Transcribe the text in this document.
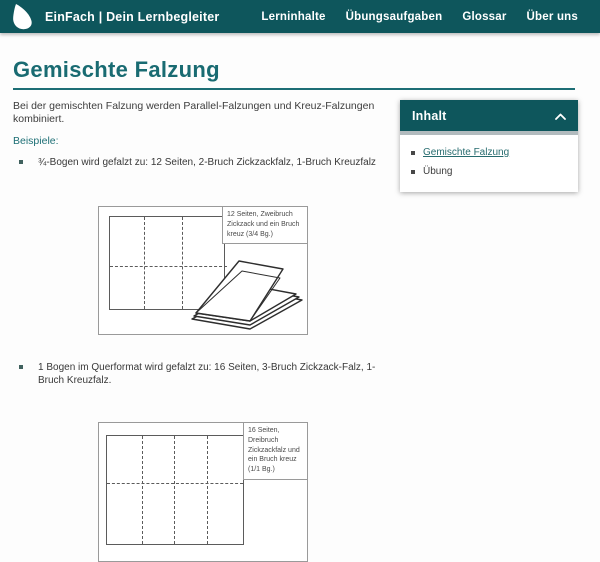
EinFach | Dein Lernbegleiter	Lerninhalte Übungsaufgaben Glossar Über uns
Gemischte Falzung

Bei der gemischten Falzung werden Parallel-Falzungen und Kreuz-Falzungen kombiniert.

Beispiele:

¾-Bogen wird gefalzt zu: 12 Seiten, 2-Bruch Zickzackfalz, 1-Bruch Kreuzfalz
12 Seiten, Zweibruch Zickzack und ein Bruch kreuz (3/4 Bg.)
1 Bogen im Querformat wird gefalzt zu: 16 Seiten, 3-Bruch Zickzack-Falz, 1-Bruch Kreuzfalz.
16 Seiten, Dreibruch Zickzackfalz und ein Bruch kreuz (1/1 Bg.)
Inhalt
Gemischte Falzung
Übung
